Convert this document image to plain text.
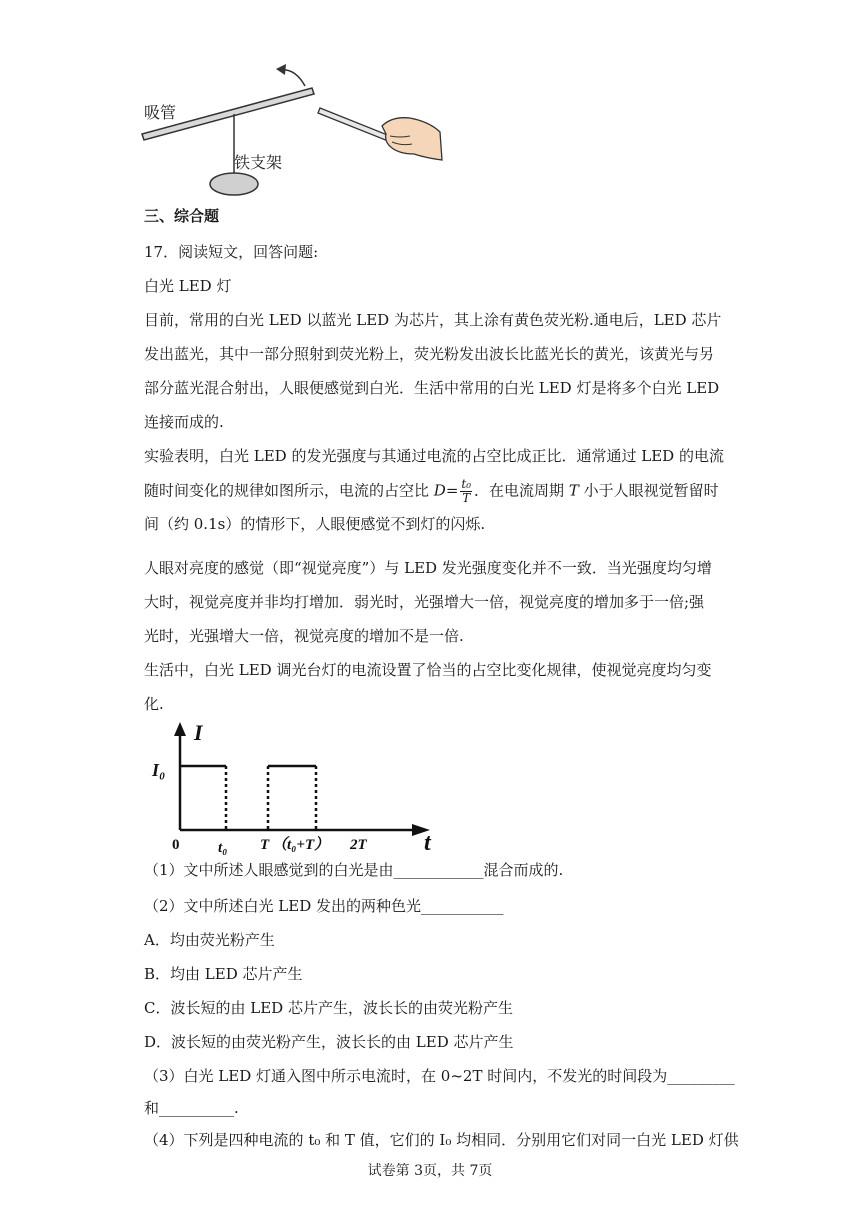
吸管
铁支架
三、综合题
17．阅读短文，回答问题:
白光 LED 灯
目前，常用的白光 LED 以蓝光 LED 为芯片，其上涂有黄色荧光粉.通电后，LED 芯片
发出蓝光，其中一部分照射到荧光粉上，荧光粉发出波长比蓝光长的黄光，该黄光与另
部分蓝光混合射出，人眼便感觉到白光．生活中常用的白光 LED 灯是将多个白光 LED
连接而成的.
实验表明，白光 LED 的发光强度与其通过电流的占空比成正比．通常通过 LED 的电流
随时间变化的规律如图所示，电流的占空比 $D= \frac{\text{t₀}}{T}$ ．在电流周期 T 小于人眼视觉暂留时
间（约 0.1s）的情形下，人眼便感觉不到灯的闪烁.
人眼对亮度的感觉（即“视觉亮度”）与 LED 发光强度变化并不一致．当光强度均匀增
大时，视觉亮度并非均打增加．弱光时，光强增大一倍，视觉亮度的增加多于一倍;强
光时，光强增大一倍，视觉亮度的增加不是一倍.
生活中，白光 LED 调光台灯的电流设置了恰当的占空比变化规律，使视觉亮度均匀变
化.
I
I₀
0	t₀ T （t₀+T） 2T t
（1）文中所述人眼感觉到的白光是由____________混合而成的.
（2）文中所述白光 LED 发出的两种色光___________
A．均由荧光粉产生
B．均由 LED 芯片产生
C．波长短的由 LED 芯片产生，波长长的由荧光粉产生
D．波长短的由荧光粉产生，波长长的由 LED 芯片产生
（3）白光 LED 灯通入图中所示电流时，在 0~2T 时间内，不发光的时间段为_________
和__________.
（4）下列是四种电流的 t₀ 和 T 值，它们的 I₀ 均相同．分别用它们对同一白光 LED 灯供
试卷第 3页，共 7页
